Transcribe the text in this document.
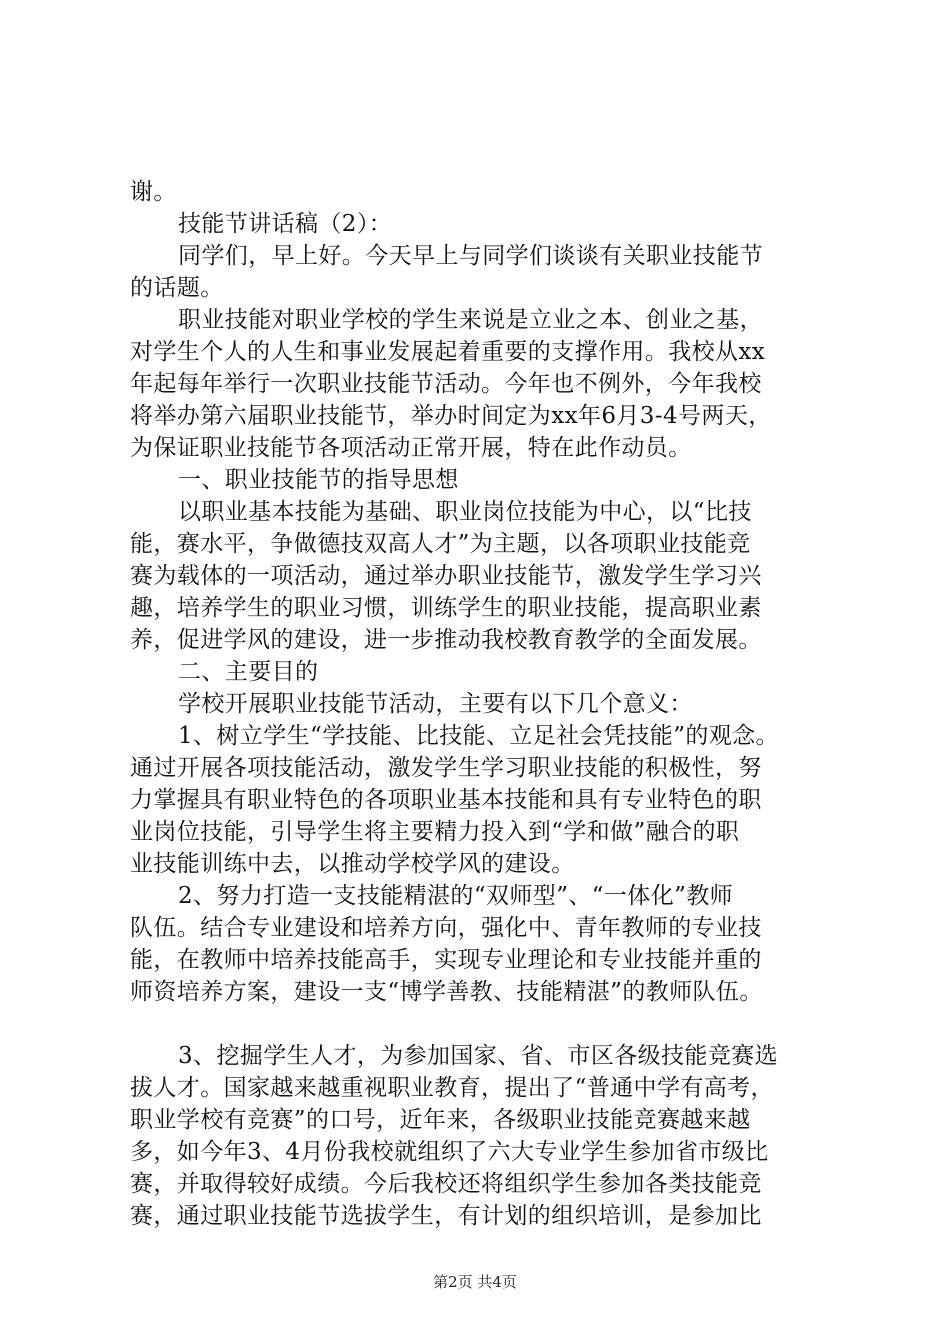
谢。
技能节讲话稿（2）：
同学们，早上好。今天早上与同学们谈谈有关职业技能节
的话题。
职业技能对职业学校的学生来说是立业之本、创业之基，
对学生个人的人生和事业发展起着重要的支撑作用。我校从xx
年起每年举行一次职业技能节活动。今年也不例外，今年我校
将举办第六届职业技能节，举办时间定为xx年6月3-4号两天，
为保证职业技能节各项活动正常开展，特在此作动员。
一、职业技能节的指导思想
以职业基本技能为基础、职业岗位技能为中心，以“比技
能，赛水平，争做德技双高人才”为主题，以各项职业技能竞
赛为载体的一项活动，通过举办职业技能节，激发学生学习兴
趣，培养学生的职业习惯，训练学生的职业技能，提高职业素
养，促进学风的建设，进一步推动我校教育教学的全面发展。
二、主要目的
学校开展职业技能节活动，主要有以下几个意义：
1、树立学生“学技能、比技能、立足社会凭技能”的观念。
通过开展各项技能活动，激发学生学习职业技能的积极性，努
力掌握具有职业特色的各项职业基本技能和具有专业特色的职
业岗位技能，引导学生将主要精力投入到“学和做”融合的职
业技能训练中去，以推动学校学风的建设。
2、努力打造一支技能精湛的“双师型”、“一体化”教师
队伍。结合专业建设和培养方向，强化中、青年教师的专业技
能，在教师中培养技能高手，实现专业理论和专业技能并重的
师资培养方案，建设一支“博学善教、技能精湛”的教师队伍。
3、挖掘学生人才，为参加国家、省、市区各级技能竞赛选
拔人才。国家越来越重视职业教育，提出了“普通中学有高考，
职业学校有竞赛”的口号，近年来，各级职业技能竞赛越来越
多，如今年3、4月份我校就组织了六大专业学生参加省市级比
赛，并取得较好成绩。今后我校还将组织学生参加各类技能竞
赛，通过职业技能节选拔学生，有计划的组织培训，是参加比
第2页 共4页
